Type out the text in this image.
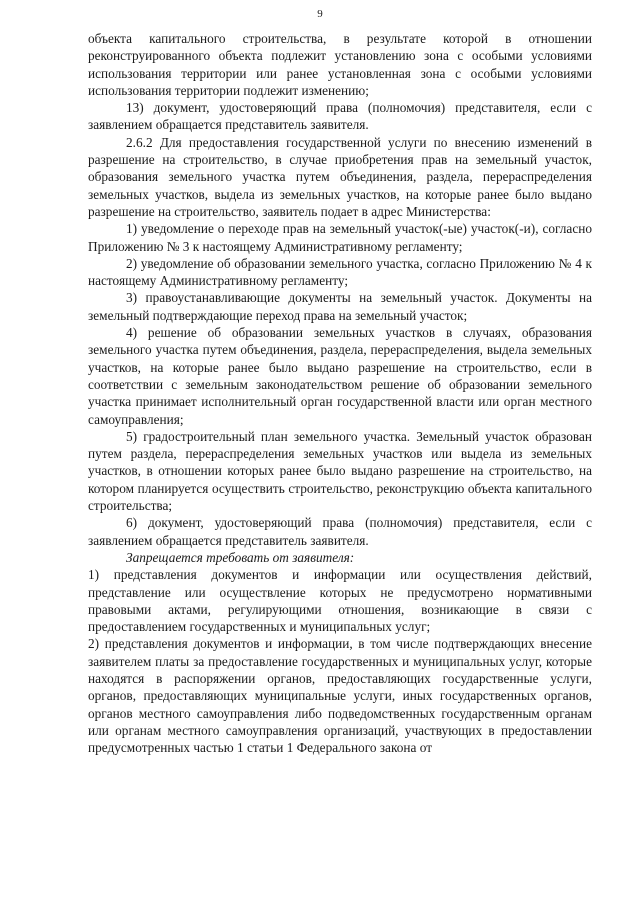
9

объекта капитального строительства, в результате которой в отношении реконструированного объекта подлежит установлению зона с особыми условиями использования территории или ранее установленная зона с особыми условиями использования территории подлежит изменению;

13) документ, удостоверяющий права (полномочия) представителя, если с заявлением обращается представитель заявителя.

2.6.2 Для предоставления государственной услуги по внесению изменений в разрешение на строительство, в случае приобретения прав на земельный участок, образования земельного участка путем объединения, раздела, перераспределения земельных участков, выдела из земельных участков, на которые ранее было выдано разрешение на строительство, заявитель подает в адрес Министерства:

1) уведомление о переходе прав на земельный участок(-ые) участок(-и), согласно Приложению № 3 к настоящему Административному регламенту;

2) уведомление об образовании земельного участка, согласно Приложению № 4 к настоящему Административному регламенту;

3) правоустанавливающие документы на земельный участок. Документы на земельный подтверждающие переход права на земельный участок;

4) решение об образовании земельных участков в случаях, образования земельного участка путем объединения, раздела, перераспределения, выдела земельных участков, на которые ранее было выдано разрешение на строительство, если в соответствии с земельным законодательством решение об образовании земельного участка принимает исполнительный орган государственной власти или орган местного самоуправления;

5) градостроительный план земельного участка. Земельный участок образован путем раздела, перераспределения земельных участков или выдела из земельных участков, в отношении которых ранее было выдано разрешение на строительство, на котором планируется осуществить строительство, реконструкцию объекта капитального строительства;

6) документ, удостоверяющий права (полномочия) представителя, если с заявлением обращается представитель заявителя.

Запрещается требовать от заявителя:

1) представления документов и информации или осуществления действий, представление или осуществление которых не предусмотрено нормативными правовыми актами, регулирующими отношения, возникающие в связи с предоставлением государственных и муниципальных услуг;

2) представления документов и информации, в том числе подтверждающих внесение заявителем платы за предоставление государственных и муниципальных услуг, которые находятся в распоряжении органов, предоставляющих государственные услуги, органов, предоставляющих муниципальные услуги, иных государственных органов, органов местного самоуправления либо подведомственных государственным органам или органам местного самоуправления организаций, участвующих в предоставлении предусмотренных частью 1 статьи 1 Федерального закона от
